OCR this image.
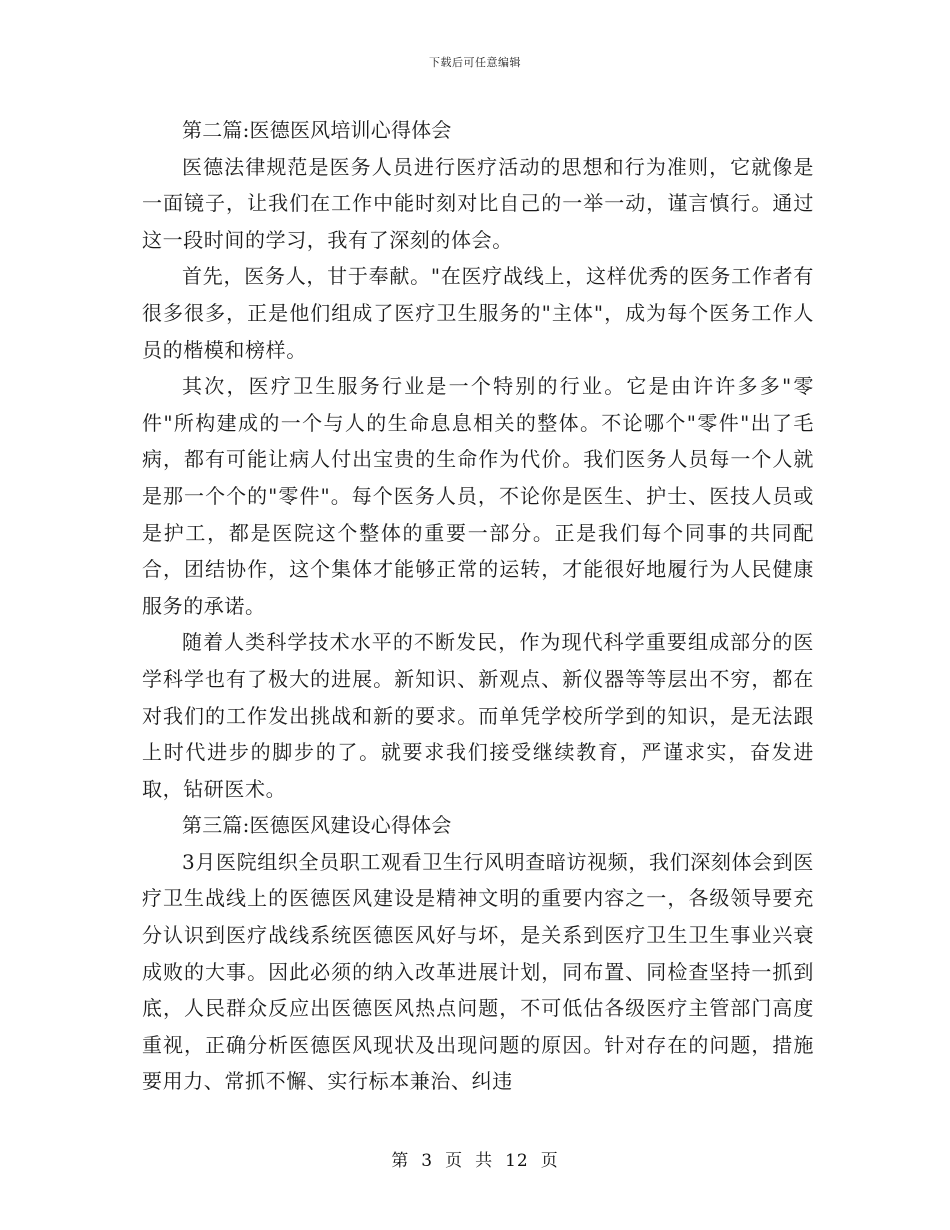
下载后可任意编辑

第二篇:医德医风培训心得体会

医德法律规范是医务人员进行医疗活动的思想和行为准则，它就像是一面镜子，让我们在工作中能时刻对比自己的一举一动，谨言慎行。通过这一段时间的学习，我有了深刻的体会。

首先，医务人，甘于奉献。"在医疗战线上，这样优秀的医务工作者有很多很多，正是他们组成了医疗卫生服务的"主体"，成为每个医务工作人员的楷模和榜样。

其次，医疗卫生服务行业是一个特别的行业。它是由许许多多"零件"所构建成的一个与人的生命息息相关的整体。不论哪个"零件"出了毛病，都有可能让病人付出宝贵的生命作为代价。我们医务人员每一个人就是那一个个的"零件"。每个医务人员，不论你是医生、护士、医技人员或是护工，都是医院这个整体的重要一部分。正是我们每个同事的共同配合，团结协作，这个集体才能够正常的运转，才能很好地履行为人民健康服务的承诺。

随着人类科学技术水平的不断发民，作为现代科学重要组成部分的医学科学也有了极大的进展。新知识、新观点、新仪器等等层出不穷，都在对我们的工作发出挑战和新的要求。而单凭学校所学到的知识，是无法跟上时代进步的脚步的了。就要求我们接受继续教育，严谨求实，奋发进取，钻研医术。

第三篇:医德医风建设心得体会

3月医院组织全员职工观看卫生行风明查暗访视频，我们深刻体会到医疗卫生战线上的医德医风建设是精神文明的重要内容之一，各级领导要充分认识到医疗战线系统医德医风好与坏，是关系到医疗卫生卫生事业兴衰成败的大事。因此必须的纳入改革进展计划，同布置、同检查坚持一抓到底，人民群众反应出医德医风热点问题，不可低估各级医疗主管部门高度重视，正确分析医德医风现状及出现问题的原因。针对存在的问题，措施要用力、常抓不懈、实行标本兼治、纠违

第 3 页 共 12 页
